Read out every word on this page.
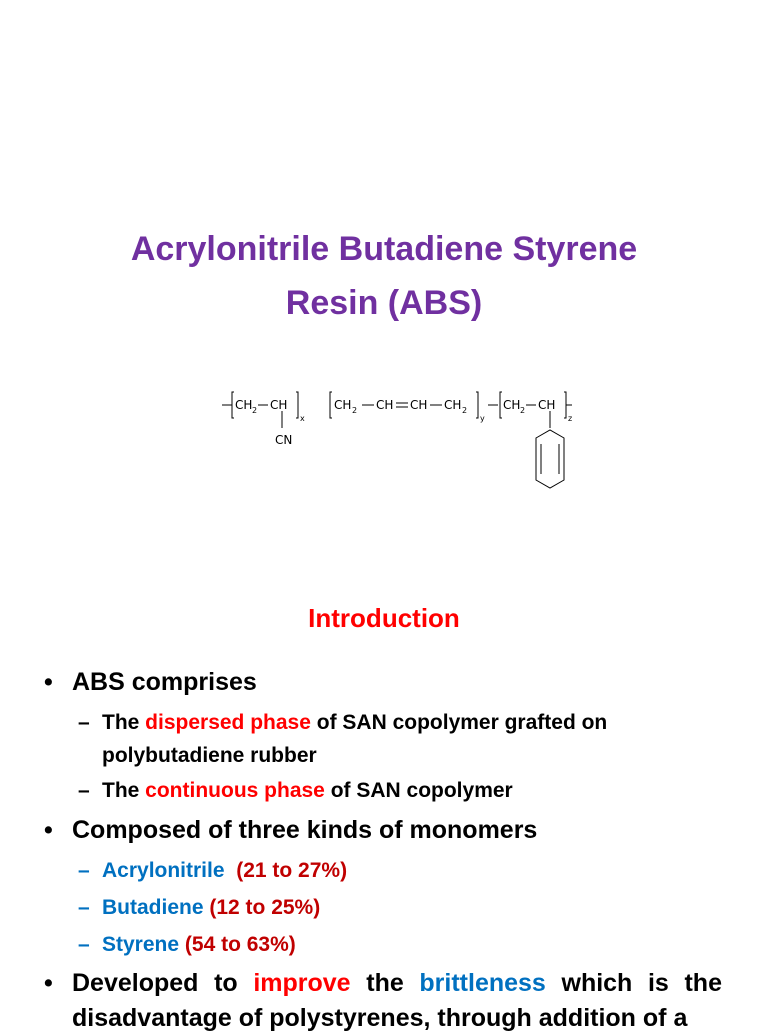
Acrylonitrile Butadiene Styrene
Resin (ABS)
CH 2 CH
x
CN
CH 2 CH CH CH 2
y
CH 2 CH
z
Introduction
• ABS comprises
– The dispersed phase of SAN copolymer grafted on polybutadiene rubber
– The continuous phase of SAN copolymer
• Composed of three kinds of monomers
– Acrylonitrile (21 to 27%)
– Butadiene (12 to 25%)
– Styrene (54 to 63%)
• Developed to improve the brittleness which is the disadvantage of polystyrenes, through addition of a
